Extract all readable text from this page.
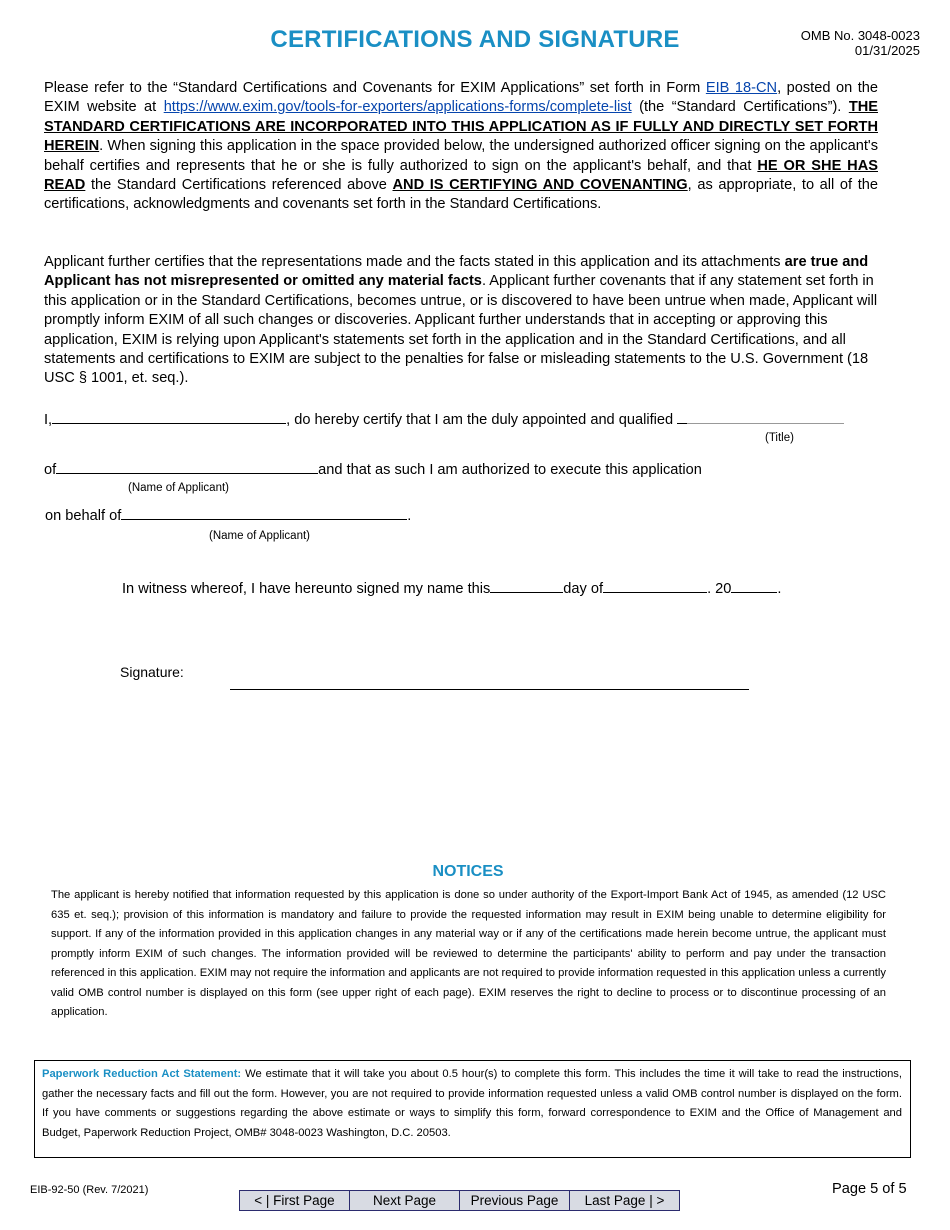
CERTIFICATIONS AND SIGNATURE	OMB No. 3048-0023
01/31/2025
Please refer to the “Standard Certifications and Covenants for EXIM Applications” set forth in Form EIB 18-CN, posted on the EXIM website at https://www.exim.gov/tools-for-exporters/applications-forms/complete-list (the “Standard Certifications”). THE STANDARD CERTIFICATIONS ARE INCORPORATED INTO THIS APPLICATION AS IF FULLY AND DIRECTLY SET FORTH HEREIN. When signing this application in the space provided below, the undersigned authorized officer signing on the applicant's behalf certifies and represents that he or she is fully authorized to sign on the applicant's behalf, and that HE OR SHE HAS READ the Standard Certifications referenced above AND IS CERTIFYING AND COVENANTING, as appropriate, to all of the certifications, acknowledgments and covenants set forth in the Standard Certifications.
Applicant further certifies that the representations made and the facts stated in this application and its attachments are true and Applicant has not misrepresented or omitted any material facts. Applicant further covenants that if any statement set forth in this application or in the Standard Certifications, becomes untrue, or is discovered to have been untrue when made, Applicant will promptly inform EXIM of all such changes or discoveries. Applicant further understands that in accepting or approving this application, EXIM is relying upon Applicant's statements set forth in the application and in the Standard Certifications, and all statements and certifications to EXIM are subject to the penalties for false or misleading statements to the U.S. Government (18 USC § 1001, et. seq.).
I,	, do hereby certify that I am the duly appointed and qualified
(Title)
of	and that as such I am authorized to execute this application
(Name of Applicant)
on behalf of	.
(Name of Applicant)
In witness whereof, I have hereunto signed my name this	day of	. 20	.
Signature:
NOTICES
The applicant is hereby notified that information requested by this application is done so under authority of the Export-Import Bank Act of 1945, as amended (12 USC 635 et. seq.); provision of this information is mandatory and failure to provide the requested information may result in EXIM being unable to determine eligibility for support. If any of the information provided in this application changes in any material way or if any of the certifications made herein become untrue, the applicant must promptly inform EXIM of such changes. The information provided will be reviewed to determine the participants' ability to perform and pay under the transaction referenced in this application. EXIM may not require the information and applicants are not required to provide information requested in this application unless a currently valid OMB control number is displayed on this form (see upper right of each page). EXIM reserves the right to decline to process or to discontinue processing of an application.
Paperwork Reduction Act Statement: We estimate that it will take you about 0.5 hour(s) to complete this form. This includes the time it will take to read the instructions, gather the necessary facts and fill out the form. However, you are not required to provide information requested unless a valid OMB control number is displayed on the form. If you have comments or suggestions regarding the above estimate or ways to simplify this form, forward correspondence to EXIM and the Office of Management and Budget, Paperwork Reduction Project, OMB# 3048-0023 Washington, D.C. 20503.
EIB-92-50 (Rev. 7/2021)	Page 5 of 5
< | First Page	Next Page	Previous Page	Last Page | >
